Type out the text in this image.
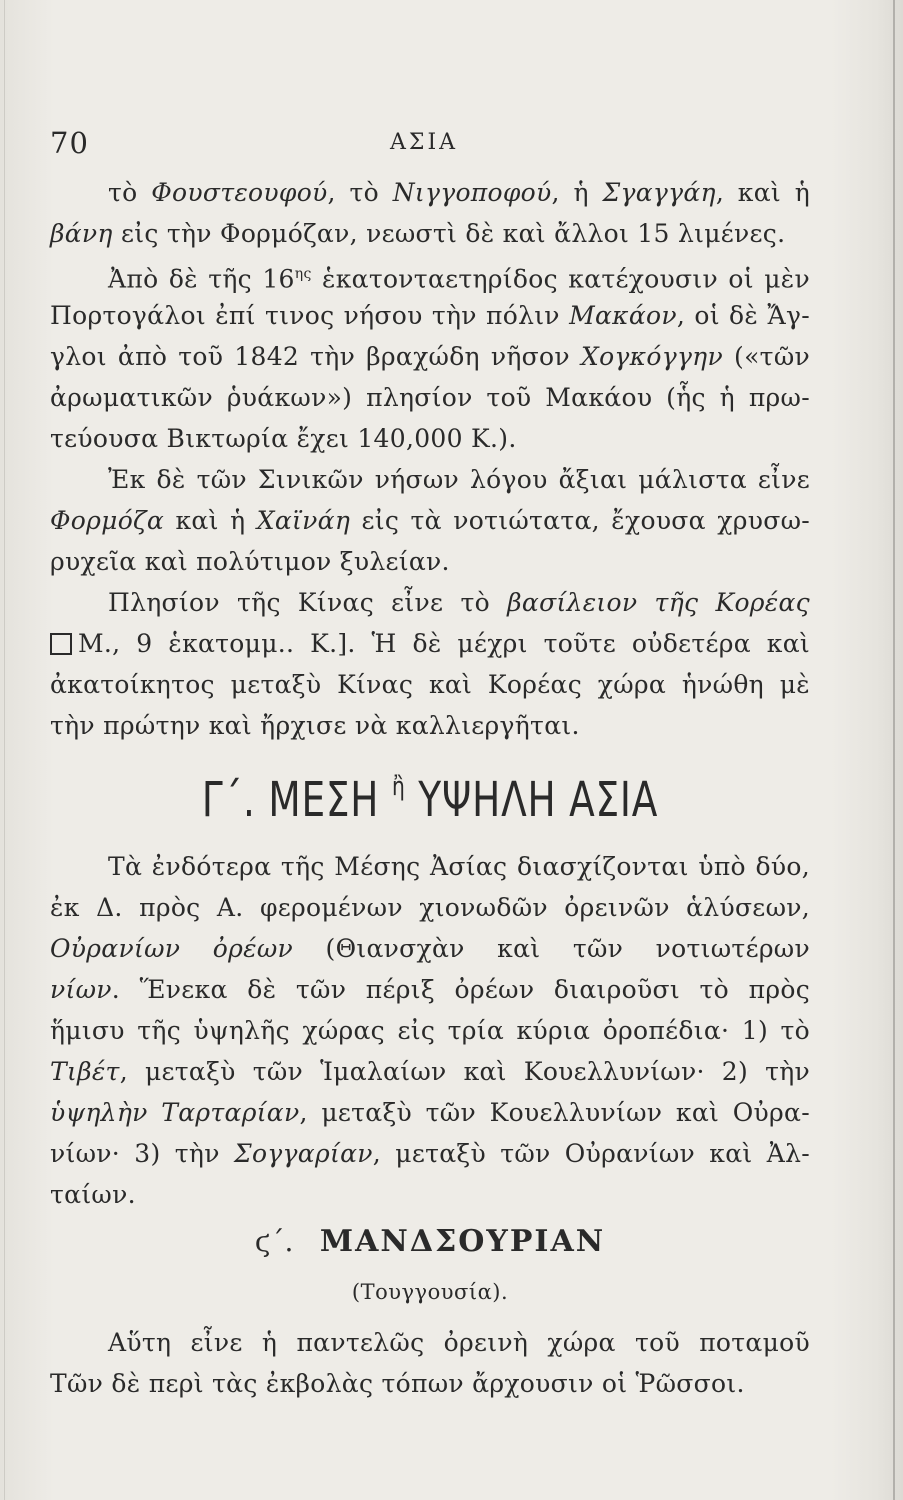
70	ΑΣΙΑ
τὸ Φουστεουφού, τὸ Νιγγοποφού, ἡ Σγαγγάη, καὶ ἡ
βάνη εἰς τὴν Φορμόζαν, νεωστὶ δὲ καὶ ἄλλοι 15 λιμένες.
Ἀπὸ δὲ τῆς $16^{\eta\varsigma}$ ἑκατονταετηρίδος κατέχουσιν οἱ μὲν
Πορτογάλοι ἐπί τινος νήσου τὴν πόλιν Μακάον, οἱ δὲ Ἄγ-
γλοι ἀπὸ τοῦ 1842 τὴν βραχώδη νῆσον Χογκόγγην («τῶν
ἀρωματικῶν ῥυάκων») πλησίον τοῦ Μακάου (ἧς ἡ πρω-
τεύουσα Βικτωρία ἔχει 140,000 Κ.).
Ἐκ δὲ τῶν Σινικῶν νήσων λόγου ἄξιαι μάλιστα εἶνε
Φορμόζα καὶ ἡ Χαϊνάη εἰς τὰ νοτιώτατα, ἔχουσα χρυσω-
ρυχεῖα καὶ πολύτιμον ξυλείαν.
Πλησίον τῆς Κίνας εἶνε τὸ βασίλειον τῆς Κορέας
Μ., 9 ἑκατομμ.. Κ.]. Ἡ δὲ μέχρι τοῦτε οὐδετέρα καὶ
ἀκατοίκητος μεταξὺ Κίνας καὶ Κορέας χώρα ἡνώθη μὲ
τὴν πρώτην καὶ ἤρχισε νὰ καλλιεργῆται.
Γ΄. ΜΕΣΗ $^ἢ$ ΥΨΗΛΗ ΑΣΙΑ
Τὰ ἐνδότερα τῆς Μέσης Ἀσίας διασχίζονται ὑπὸ δύο,
ἐκ Δ. πρὸς Α. φερομένων χιονωδῶν ὀρεινῶν ἁλύσεων,
Οὐρανίων ὀρέων (Θιανσχὰν καὶ τῶν νοτιωτέρων
νίων. Ἕνεκα δὲ τῶν πέριξ ὀρέων διαιροῦσι τὸ πρὸς
ἥμισυ τῆς ὑψηλῆς χώρας εἰς τρία κύρια ὀροπέδια· 1) τὸ
Τιβέτ, μεταξὺ τῶν Ἱμαλαίων καὶ Κουελλυνίων· 2) τὴν
ὑψηλὴν Ταρταρίαν, μεταξὺ τῶν Κουελλυνίων καὶ Οὐρα-
νίων· 3) τὴν Σογγαρίαν, μεταξὺ τῶν Οὐρανίων καὶ Ἀλ-
ταίων.
ϛ΄. ΜΑΝΔΣΟΥΡΙΑΝ
(Τουγγουσία).
Αὕτη εἶνε ἡ παντελῶς ὀρεινὴ χώρα τοῦ ποταμοῦ
Τῶν δὲ περὶ τὰς ἐκβολὰς τόπων ἄρχουσιν οἱ Ῥῶσσοι.
